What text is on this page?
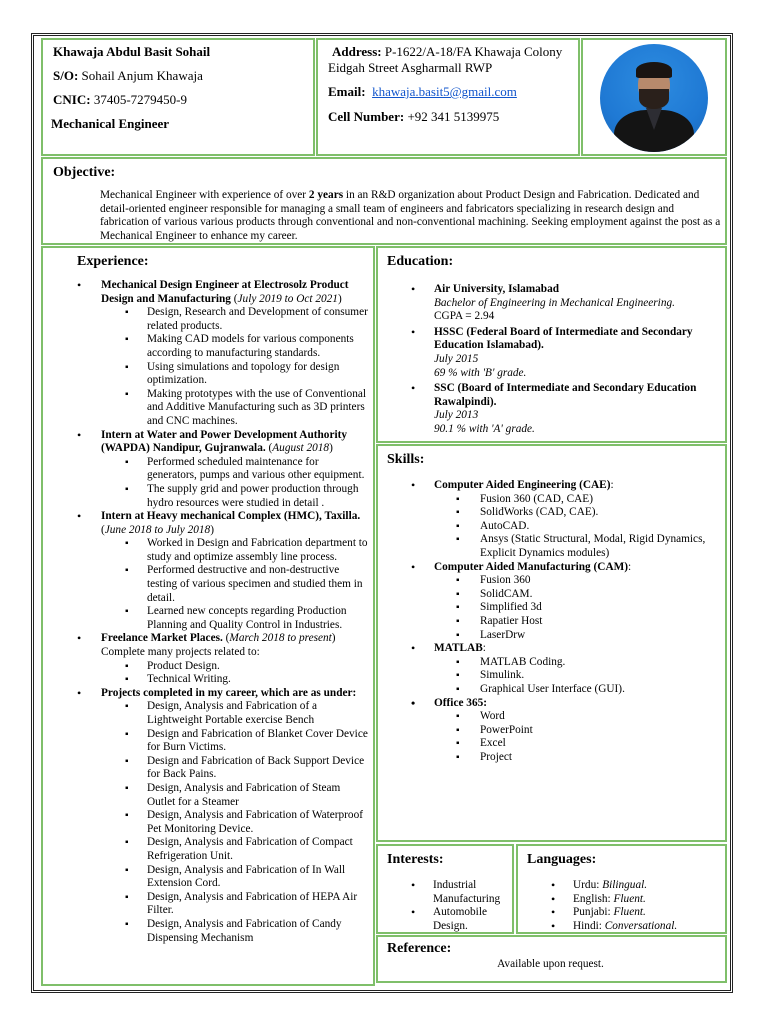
Khawaja Abdul Basit Sohail
S/O: Sohail Anjum Khawaja
CNIC: 37405-7279450-9
Mechanical Engineer
Address: P-1622/A-18/FA Khawaja Colony
Eidgah Street Asgharmall RWP
Email: khawaja.basit5@gmail.com
Cell Number: +92 341 5139975
Objective:
Mechanical Engineer with experience of over 2 years in an R&D organization about Product Design and Fabrication. Dedicated and detail-oriented engineer responsible for managing a small team of engineers and fabricators specializing in research design and fabrication of various various products through conventional and non-conventional machining. Seeking employment against the post as a Mechanical Engineer to enhance my career.
Experience:
• Mechanical Design Engineer at Electrosolz Product Design and Manufacturing (July 2019 to Oct 2021)
▪ Design, Research and Development of consumer related products.
▪ Making CAD models for various components according to manufacturing standards.
▪ Using simulations and topology for design optimization.
▪ Making prototypes with the use of Conventional and Additive Manufacturing such as 3D printers and CNC machines.
• Intern at Water and Power Development Authority (WAPDA) Nandipur, Gujranwala. (August 2018)
▪ Performed scheduled maintenance for generators, pumps and various other equipment.
▪ The supply grid and power production through hydro resources were studied in detail .
• Intern at Heavy mechanical Complex (HMC), Taxilla. (June 2018 to July 2018)
▪ Worked in Design and Fabrication department to study and optimize assembly line process.
▪ Performed destructive and non-destructive testing of various specimen and studied them in detail.
▪ Learned new concepts regarding Production Planning and Quality Control in Industries.
• Freelance Market Places. (March 2018 to present)
Complete many projects related to:
▪ Product Design.
▪ Technical Writing.
• Projects completed in my career, which are as under:
▪ Design, Analysis and Fabrication of a Lightweight Portable exercise Bench
▪ Design and Fabrication of Blanket Cover Device for Burn Victims.
▪ Design and Fabrication of Back Support Device for Back Pains.
▪ Design, Analysis and Fabrication of Steam Outlet for a Steamer
▪ Design, Analysis and Fabrication of Waterproof Pet Monitoring Device.
▪ Design, Analysis and Fabrication of Compact Refrigeration Unit.
▪ Design, Analysis and Fabrication of In Wall Extension Cord.
▪ Design, Analysis and Fabrication of HEPA Air Filter.
▪ Design, Analysis and Fabrication of Candy Dispensing Mechanism
Education:
• Air University, Islamabad
Bachelor of Engineering in Mechanical Engineering.
CGPA = 2.94
• HSSC (Federal Board of Intermediate and Secondary Education Islamabad).
July 2015
69 % with 'B' grade.
• SSC (Board of Intermediate and Secondary Education Rawalpindi).
July 2013
90.1 % with 'A' grade.
Skills:
• Computer Aided Engineering (CAE):
▪ Fusion 360 (CAD, CAE)
▪ SolidWorks (CAD, CAE).
▪ AutoCAD.
▪ Ansys (Static Structural, Modal, Rigid Dynamics, Explicit Dynamics modules)
• Computer Aided Manufacturing (CAM):
▪ Fusion 360
▪ SolidCAM.
▪ Simplified 3d
▪ Rapatier Host
▪ LaserDrw
• MATLAB:
▪ MATLAB Coding.
▪ Simulink.
▪ Graphical User Interface (GUI).
• Office 365:
▪ Word
▪ PowerPoint
▪ Excel
▪ Project
Interests:
• Industrial Manufacturing
• Automobile Design.
Languages:
• Urdu: Bilingual.
• English: Fluent.
• Punjabi: Fluent.
• Hindi: Conversational.
Reference:
Available upon request.
